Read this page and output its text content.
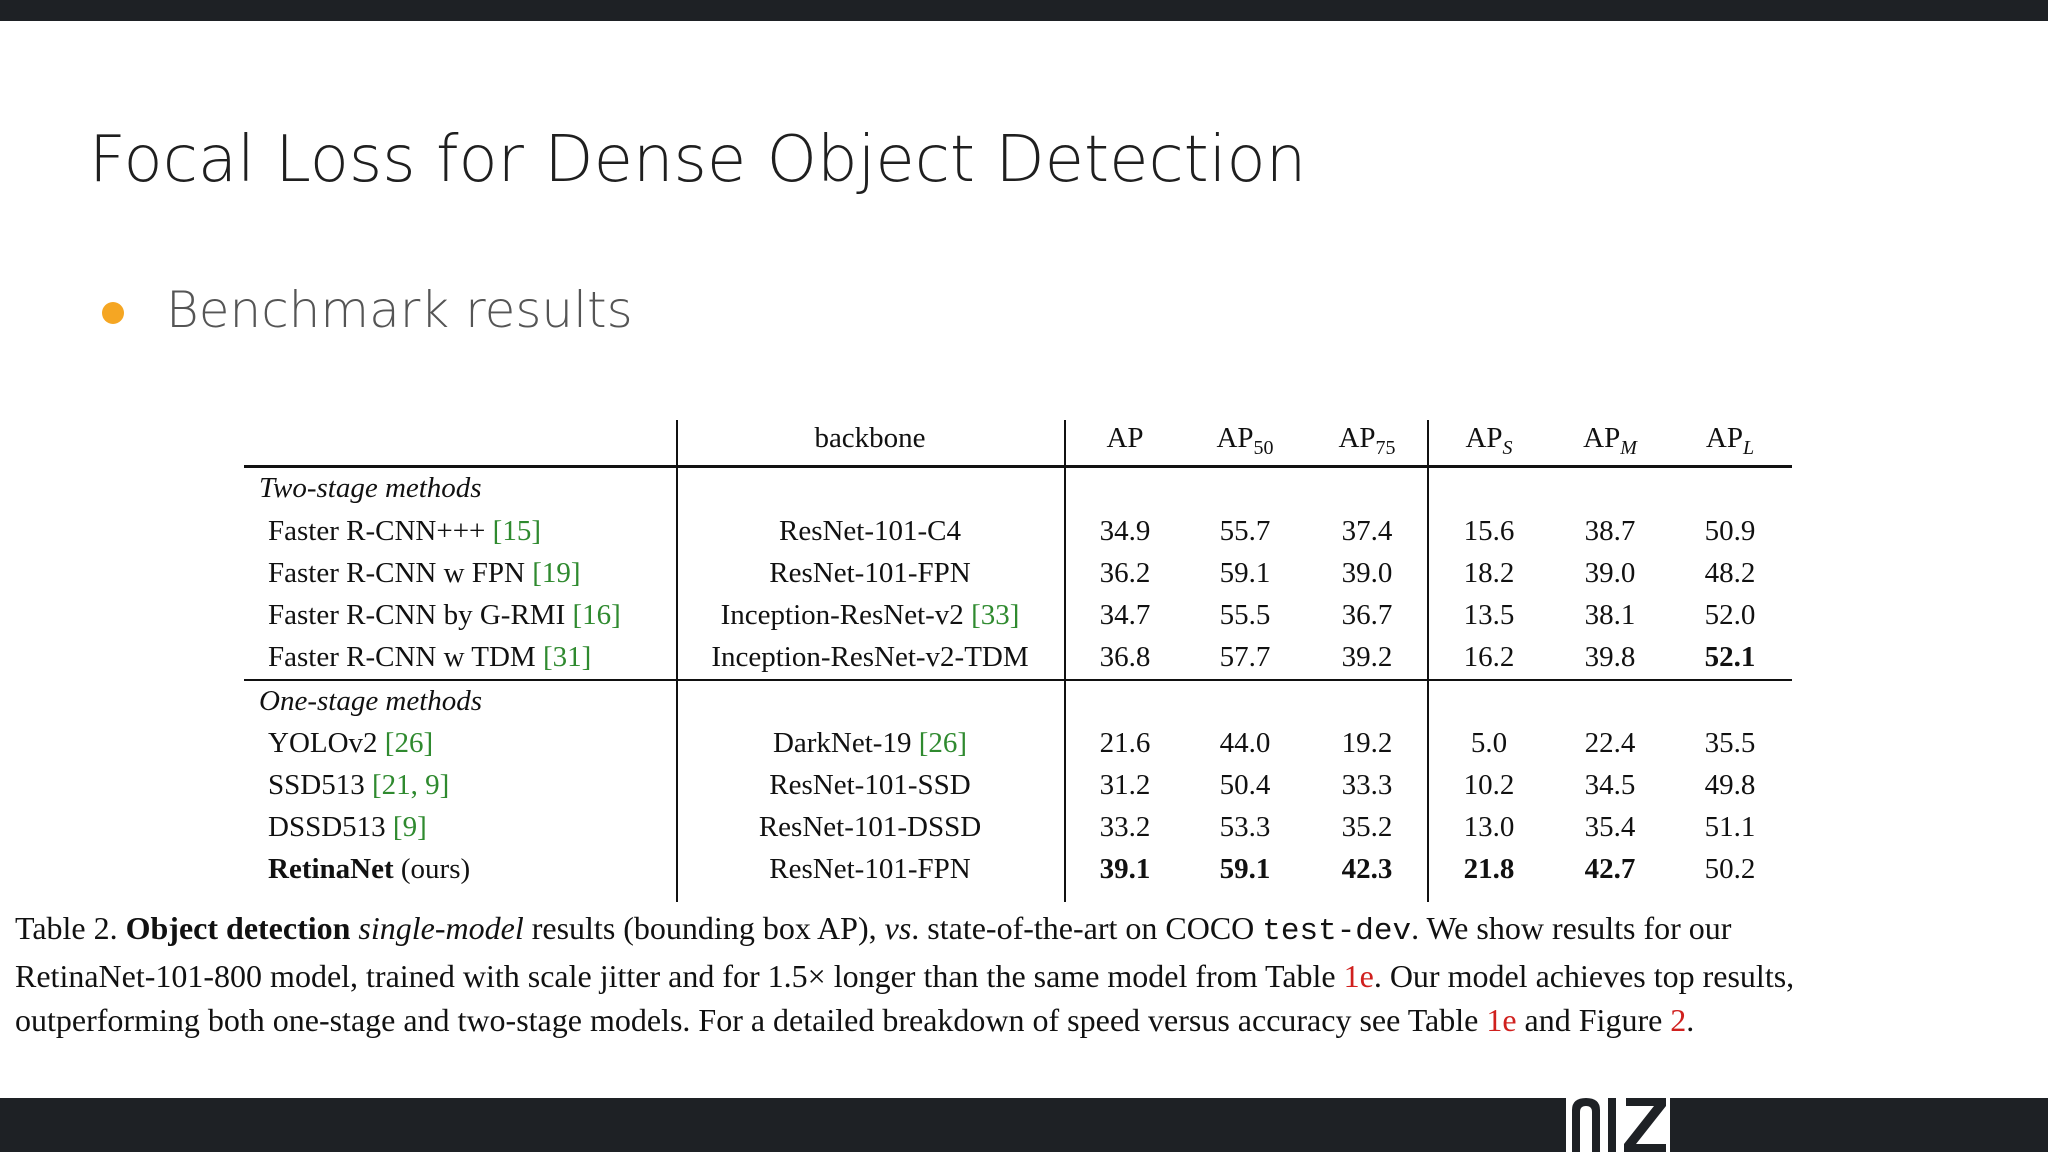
Focal Loss for Dense Object Detection
Benchmark results
backbone	AP	$AP_{50}$ $AP_{75}$ $AP_S$ $AP_M$ $AP_L$
Two-stage methods
Faster R-CNN+++ [15]	ResNet-101-C4	34.9 55.7 37.4 15.6 38.7 50.9
Faster R-CNN w FPN [19]	ResNet-101-FPN	36.2 59.1 39.0 18.2 39.0 48.2
Faster R-CNN by G-RMI [16]	Inception-ResNet-v2 [33]	34.7 55.5 36.7 13.5 38.1 52.0
Faster R-CNN w TDM [31]	Inception-ResNet-v2-TDM 36.8 57.7 39.2 16.2 39.8 52.1
One-stage methods
YOLOv2 [26]	DarkNet-19 [26]	21.6 44.0 19.2	5.0	22.4 35.5
SSD513 [21, 9]	ResNet-101-SSD	31.2 50.4 33.3 10.2 34.5 49.8
DSSD513 [9]	ResNet-101-DSSD	33.2 53.3 35.2 13.0 35.4 51.1
RetinaNet (ours)	ResNet-101-FPN	39.1 59.1 42.3 21.8 42.7 50.2
Table 2. Object detection single-model results (bounding box AP), vs. state-of-the-art on COCO test-dev. We show results for our
RetinaNet-101-800 model, trained with scale jitter and for 1.5× longer than the same model from Table 1e. Our model achieves top results,
outperforming both one-stage and two-stage models. For a detailed breakdown of speed versus accuracy see Table 1e and Figure 2.
